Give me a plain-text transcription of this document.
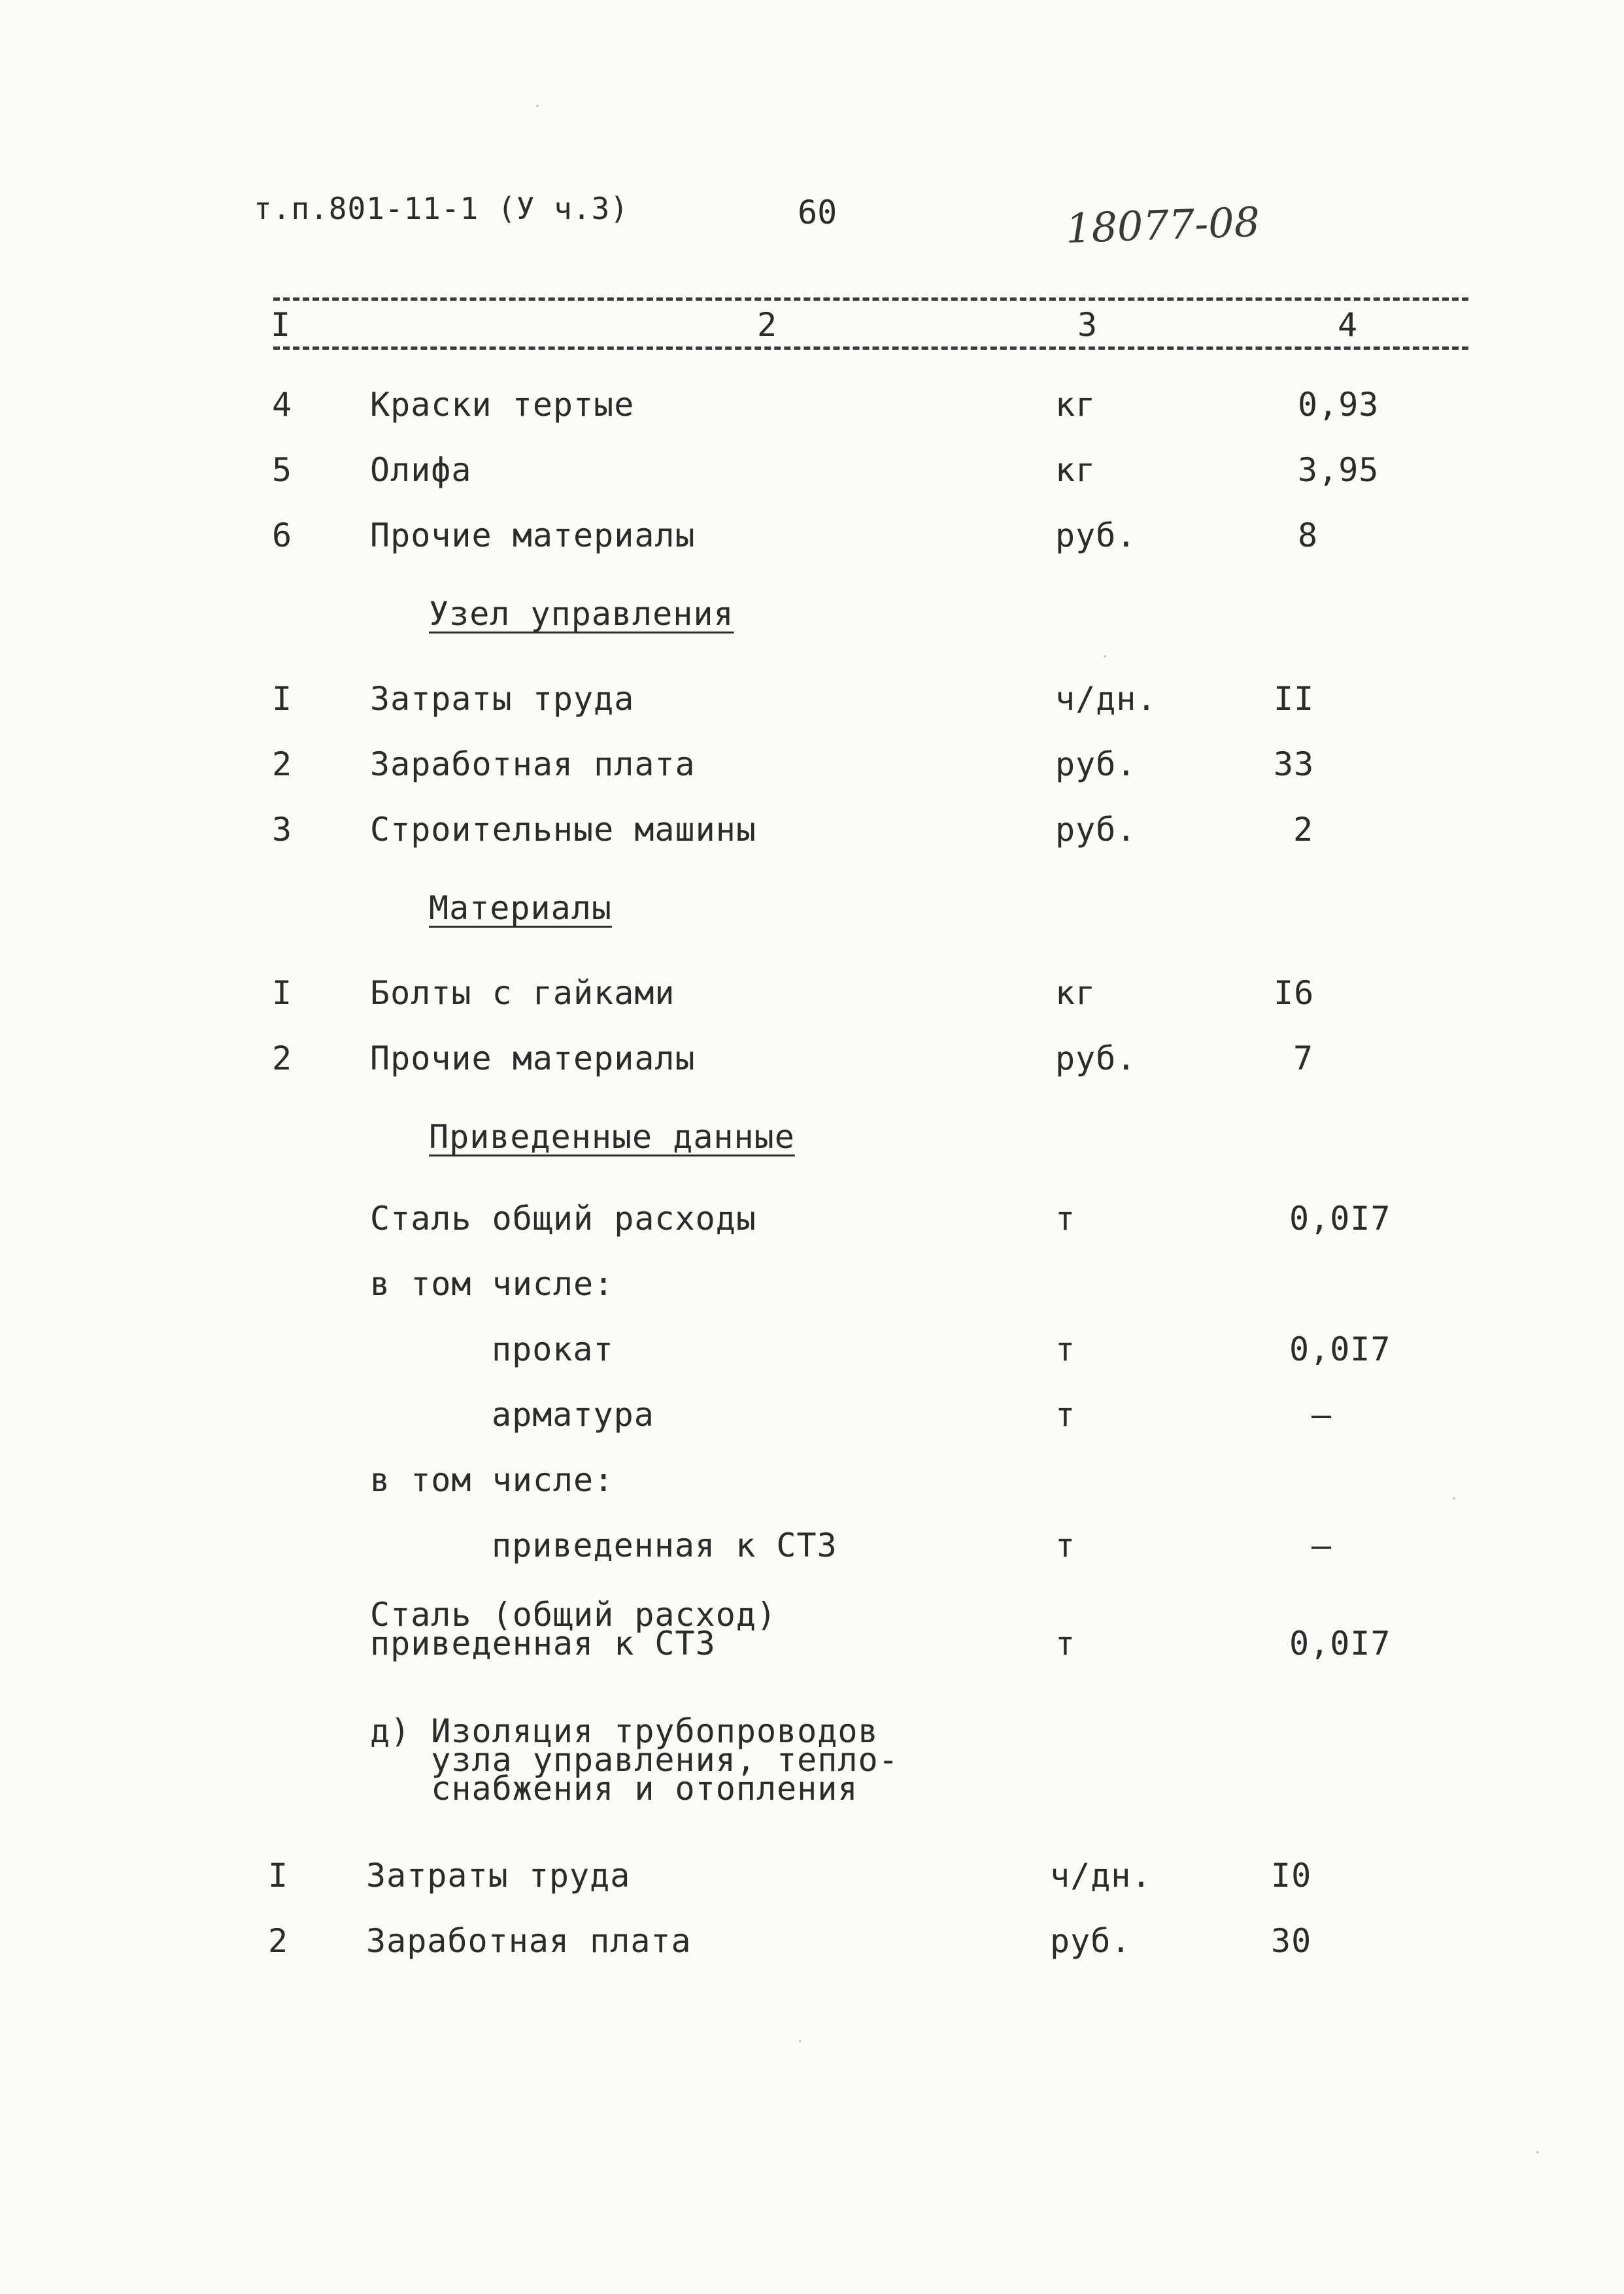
т.п.801-11-1 (У ч.3)	60	18077-08
I	2	3	4
4 Краски тертые	кг	0,93
5 Олифа	кг	3,95
6 Прочие материалы	руб.	8
Узел управления
I Затраты труда	ч/дн.	II
2 Заработная плата	руб.	33
3 Строительные машины	руб.	2
Материалы
I Болты с гайками	кг	I6
2 Прочие материалы	руб.	7
Приведенные данные
Сталь общий расходы	т	0,0I7
в том числе:
прокат	т	0,0I7
арматура	т	–
в том числе:
приведенная к СТ3	т	–
Сталь (общий расход)
приведенная к СТ3	т	0,0I7
д) Изоляция трубопроводов
узла управления, тепло-
снабжения и отопления
I Затраты труда	ч/дн.	I0
2 Заработная плата	руб.	30
